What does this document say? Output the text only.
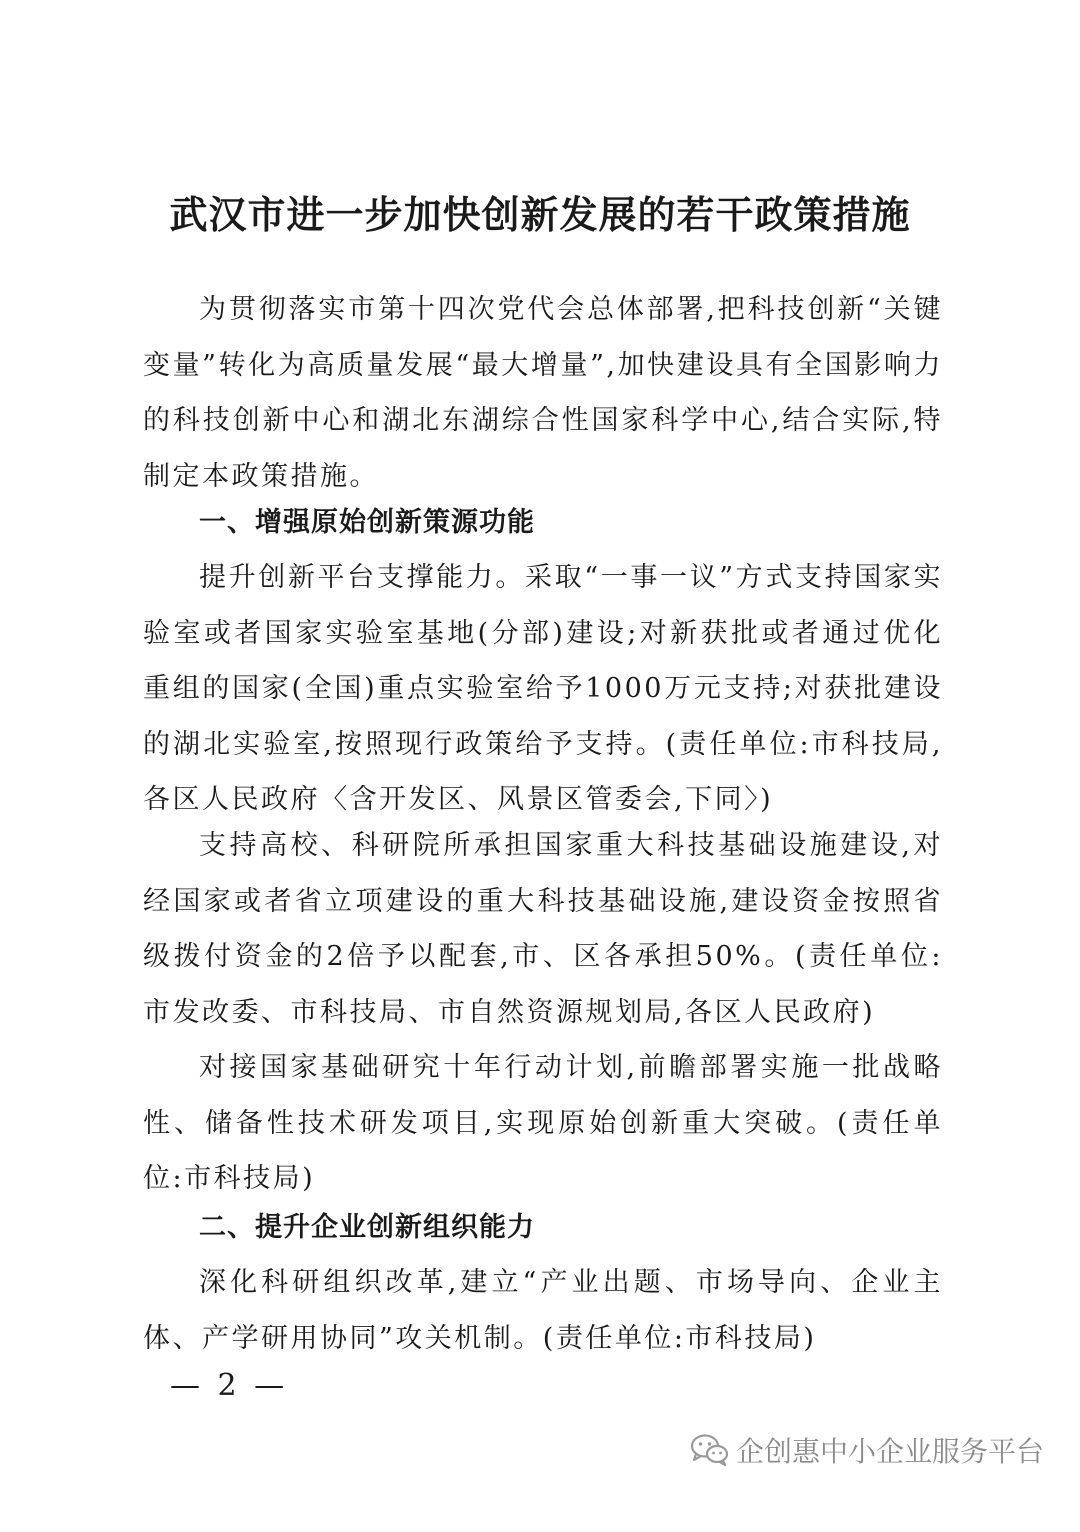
武汉市进一步加快创新发展的若干政策措施

为贯彻落实市第十四次党代会总体部署,把科技创新“关键变量”转化为高质量发展“最大增量”,加快建设具有全国影响力的科技创新中心和湖北东湖综合性国家科学中心,结合实际,特制定本政策措施。

一、增强原始创新策源功能

提升创新平台支撑能力。采取“一事一议”方式支持国家实验室或者国家实验室基地(分部)建设;对新获批或者通过优化重组的国家(全国)重点实验室给予1000万元支持;对获批建设的湖北实验室,按照现行政策给予支持。(责任单位:市科技局,各区人民政府〈含开发区、风景区管委会,下同〉)

支持高校、科研院所承担国家重大科技基础设施建设,对经国家或者省立项建设的重大科技基础设施,建设资金按照省级拨付资金的2倍予以配套,市、区各承担50%。(责任单位:市发改委、市科技局、市自然资源规划局,各区人民政府)

对接国家基础研究十年行动计划,前瞻部署实施一批战略性、储备性技术研发项目,实现原始创新重大突破。(责任单位:市科技局)

二、提升企业创新组织能力

深化科研组织改革,建立“产业出题、市场导向、企业主体、产学研用协同”攻关机制。(责任单位:市科技局)

— 2 —
企创惠中小企业服务平台
